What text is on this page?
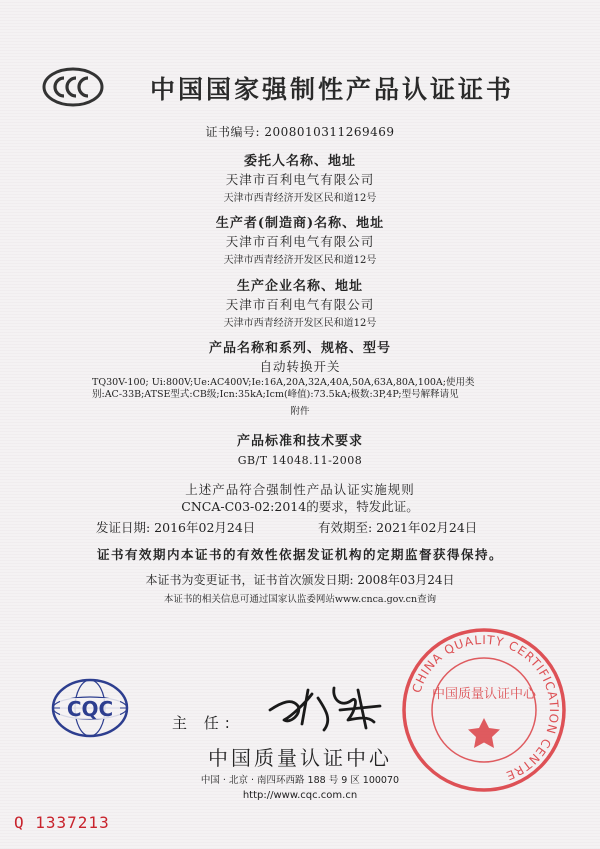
中国国家强制性产品认证证书
证书编号: 2008010311269469
委托人名称、地址
天津市百利电气有限公司
天津市西青经济开发区民和道12号
生产者(制造商)名称、地址
天津市百利电气有限公司
天津市西青经济开发区民和道12号
生产企业名称、地址
天津市百利电气有限公司
天津市西青经济开发区民和道12号
产品名称和系列、规格、型号
自动转换开关
TQ30V-100; Ui:800V;Ue:AC400V;Ie:16A,20A,32A,40A,50A,63A,80A,100A;使用类
别:AC-33B;ATSE型式:CB级;Icn:35kA;Icm(峰值):73.5kA;极数:3P,4P;型号解释请见
附件
产品标准和技术要求
GB/T 14048.11-2008
上述产品符合强制性产品认证实施规则
CNCA-C03-02:2014的要求，特发此证。
发证日期: 2016年02月24日	有效期至: 2021年02月24日
证书有效期内本证书的有效性依据发证机构的定期监督获得保持。
本证书为变更证书，证书首次颁发日期: 2008年03月24日
本证书的相关信息可通过国家认监委网站www.cnca.gov.cn查询
CQC
主 任:
中国质量认证中心
中国 · 北京 · 南四环西路 188 号 9 区 100070
http://www.cqc.com.cn
Q 1337213
CHINA QUALITY CERTIFICATION CENTRE
中国质量认证中心
